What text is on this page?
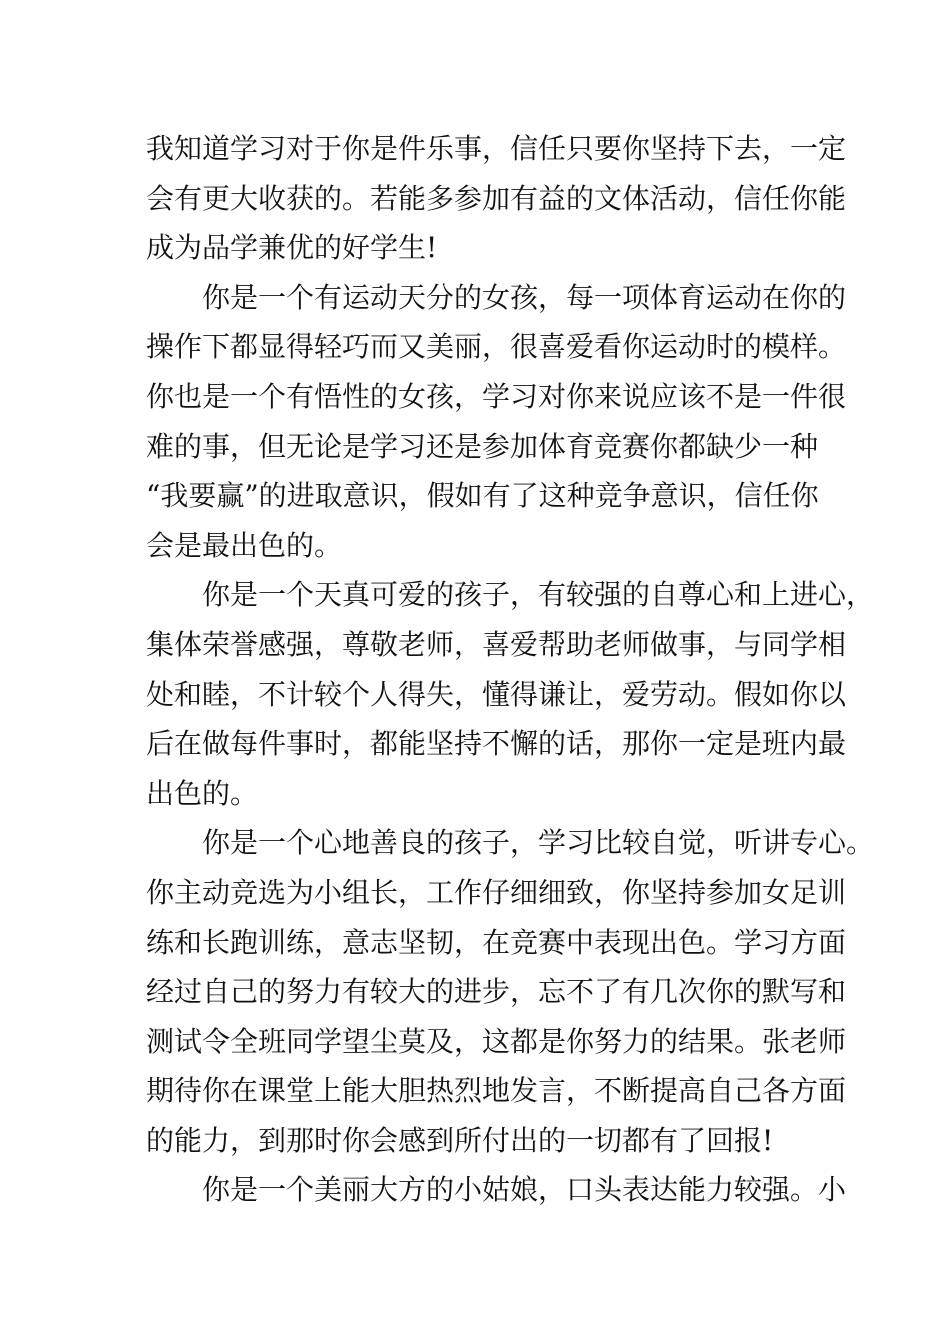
我知道学习对于你是件乐事，信任只要你坚持下去，一定
会有更大收获的。若能多参加有益的文体活动，信任你能
成为品学兼优的好学生!
你是一个有运动天分的女孩，每一项体育运动在你的
操作下都显得轻巧而又美丽，很喜爱看你运动时的模样。
你也是一个有悟性的女孩，学习对你来说应该不是一件很
难的事，但无论是学习还是参加体育竞赛你都缺少一种
“我要赢”的进取意识，假如有了这种竞争意识，信任你
会是最出色的。
你是一个天真可爱的孩子，有较强的自尊心和上进心，
集体荣誉感强，尊敬老师，喜爱帮助老师做事，与同学相
处和睦，不计较个人得失，懂得谦让，爱劳动。假如你以
后在做每件事时，都能坚持不懈的话，那你一定是班内最
出色的。
你是一个心地善良的孩子，学习比较自觉，听讲专心。
你主动竞选为小组长，工作仔细细致，你坚持参加女足训
练和长跑训练，意志坚韧，在竞赛中表现出色。学习方面
经过自己的努力有较大的进步，忘不了有几次你的默写和
测试令全班同学望尘莫及，这都是你努力的结果。张老师
期待你在课堂上能大胆热烈地发言，不断提高自己各方面
的能力，到那时你会感到所付出的一切都有了回报!
你是一个美丽大方的小姑娘，口头表达能力较强。小
